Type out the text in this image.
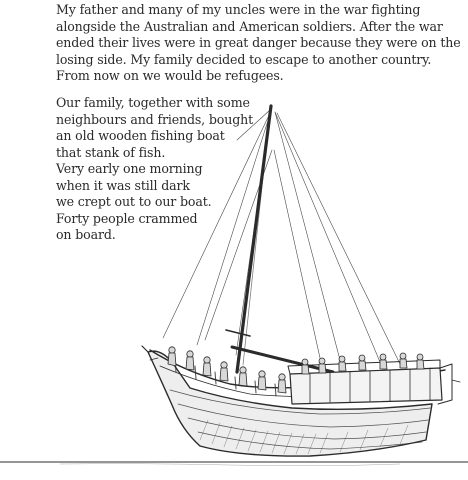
My father and many of my uncles were in the war fighting
alongside the Australian and American soldiers. After the war
ended their lives were in great danger because they were on the
losing side. My family decided to escape to another country.
From now on we would be refugees.

Our family, together with some
neighbours and friends, bought
an old wooden fishing boat
that stank of fish.

Very early one morning
when it was still dark
we crept out to our boat.
Forty people crammed
on board.
